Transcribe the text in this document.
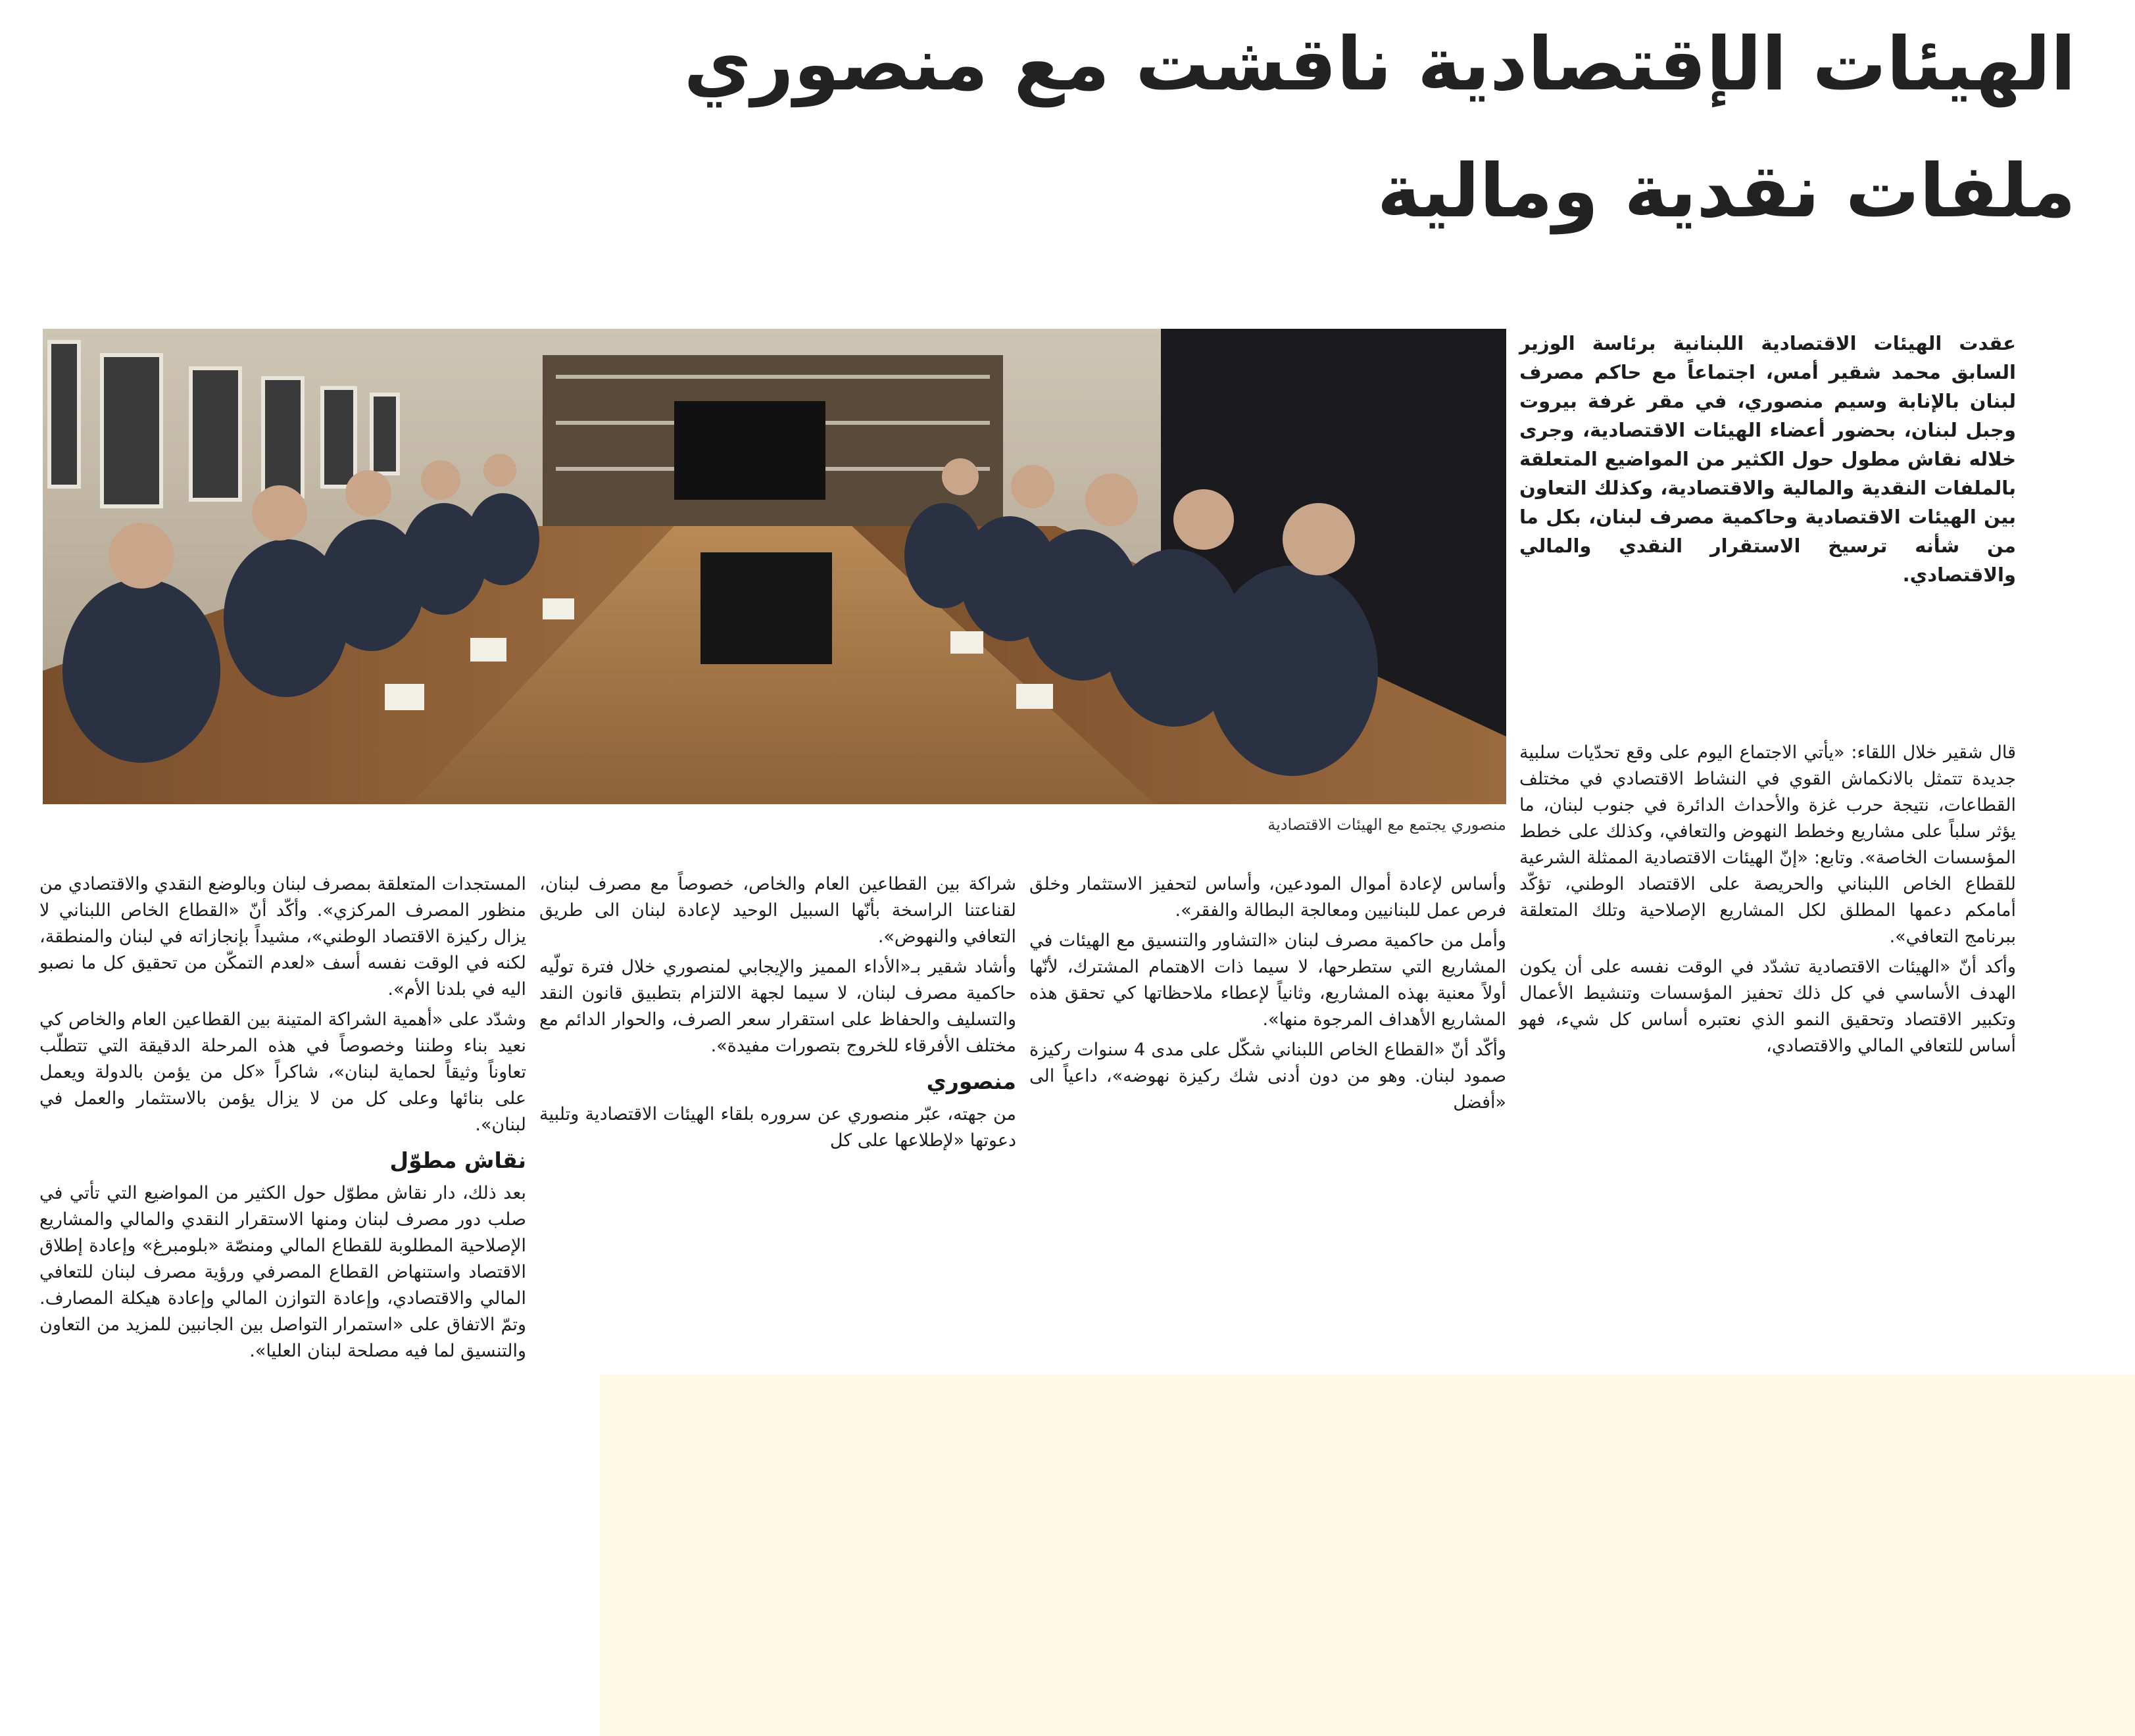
الهيئات الإقتصادية ناقشت مع منصوري
ملفات نقدية ومالية
منصوري يجتمع مع الهيئات الاقتصادية
عقدت الهيئات الاقتصادية اللبنانية برئاسة الوزير السابق محمد شقير أمس، اجتماعاً مع حاكم مصرف لبنان بالإنابة وسيم منصوري، في مقر غرفة بيروت وجبل لبنان، بحضور أعضاء الهيئات الاقتصادية، وجرى خلاله نقاش مطول حول الكثير من المواضيع المتعلقة بالملفات النقدية والمالية والاقتصادية، وكذلك التعاون بين الهيئات الاقتصادية وحاكمية مصرف لبنان، بكل ما من شأنه ترسيخ الاستقرار النقدي والمالي والاقتصادي.

قال شقير خلال اللقاء: «يأتي الاجتماع اليوم على وقع تحدّيات سلبية جديدة تتمثل بالانكماش القوي في النشاط الاقتصادي في مختلف القطاعات، نتيجة حرب غزة والأحداث الدائرة في جنوب لبنان، ما يؤثر سلباً على مشاريع وخطط النهوض والتعافي، وكذلك على خطط المؤسسات الخاصة». وتابع: «إنّ الهيئات الاقتصادية الممثلة الشرعية للقطاع الخاص اللبناني والحريصة على الاقتصاد الوطني، تؤكّد أمامكم دعمها المطلق لكل المشاريع الإصلاحية وتلك المتعلقة ببرنامج التعافي».

وأكد أنّ «الهيئات الاقتصادية تشدّد في الوقت نفسه على أن يكون الهدف الأساسي في كل ذلك تحفيز المؤسسات وتنشيط الأعمال وتكبير الاقتصاد وتحقيق النمو الذي نعتبره أساس كل شيء، فهو أساس للتعافي المالي والاقتصادي،

وأساس لإعادة أموال المودعين، وأساس لتحفيز الاستثمار وخلق فرص عمل للبنانيين ومعالجة البطالة والفقر».

وأمل من حاكمية مصرف لبنان «التشاور والتنسيق مع الهيئات في المشاريع التي ستطرحها، لا سيما ذات الاهتمام المشترك، لأنّها أولاً معنية بهذه المشاريع، وثانياً لإعطاء ملاحظاتها كي تحقق هذه المشاريع الأهداف المرجوة منها».

وأكّد أنّ «القطاع الخاص اللبناني شكّل على مدى 4 سنوات ركيزة صمود لبنان. وهو من دون أدنى شك ركيزة نهوضه»، داعياً الى «أفضل

شراكة بين القطاعين العام والخاص، خصوصاً مع مصرف لبنان، لقناعتنا الراسخة بأنّها السبيل الوحيد لإعادة لبنان الى طريق التعافي والنهوض».

وأشاد شقير بـ«الأداء المميز والإيجابي لمنصوري خلال فترة تولّيه حاكمية مصرف لبنان، لا سيما لجهة الالتزام بتطبيق قانون النقد والتسليف والحفاظ على استقرار سعر الصرف، والحوار الدائم مع مختلف الأفرقاء للخروج بتصورات مفيدة».

منصوري

من جهته، عبّر منصوري عن سروره بلقاء الهيئات الاقتصادية وتلبية دعوتها «لإطلاعها على كل

المستجدات المتعلقة بمصرف لبنان وبالوضع النقدي والاقتصادي من منظور المصرف المركزي». وأكّد أنّ «القطاع الخاص اللبناني لا يزال ركيزة الاقتصاد الوطني»، مشيداً بإنجازاته في لبنان والمنطقة، لكنه في الوقت نفسه أسف «لعدم التمكّن من تحقيق كل ما نصبو اليه في بلدنا الأم».

وشدّد على «أهمية الشراكة المتينة بين القطاعين العام والخاص كي نعيد بناء وطننا وخصوصاً في هذه المرحلة الدقيقة التي تتطلّب تعاوناً وثيقاً لحماية لبنان»، شاكراً «كل من يؤمن بالدولة ويعمل على بنائها وعلى كل من لا يزال يؤمن بالاستثمار والعمل في لبنان».

نقاش مطوّل

بعد ذلك، دار نقاش مطوّل حول الكثير من المواضيع التي تأتي في صلب دور مصرف لبنان ومنها الاستقرار النقدي والمالي والمشاريع الإصلاحية المطلوبة للقطاع المالي ومنصّة «بلومبرغ» وإعادة إطلاق الاقتصاد واستنهاض القطاع المصرفي ورؤية مصرف لبنان للتعافي المالي والاقتصادي، وإعادة التوازن المالي وإعادة هيكلة المصارف. وتمّ الاتفاق على «استمرار التواصل بين الجانبين للمزيد من التعاون والتنسيق لما فيه مصلحة لبنان العليا».
